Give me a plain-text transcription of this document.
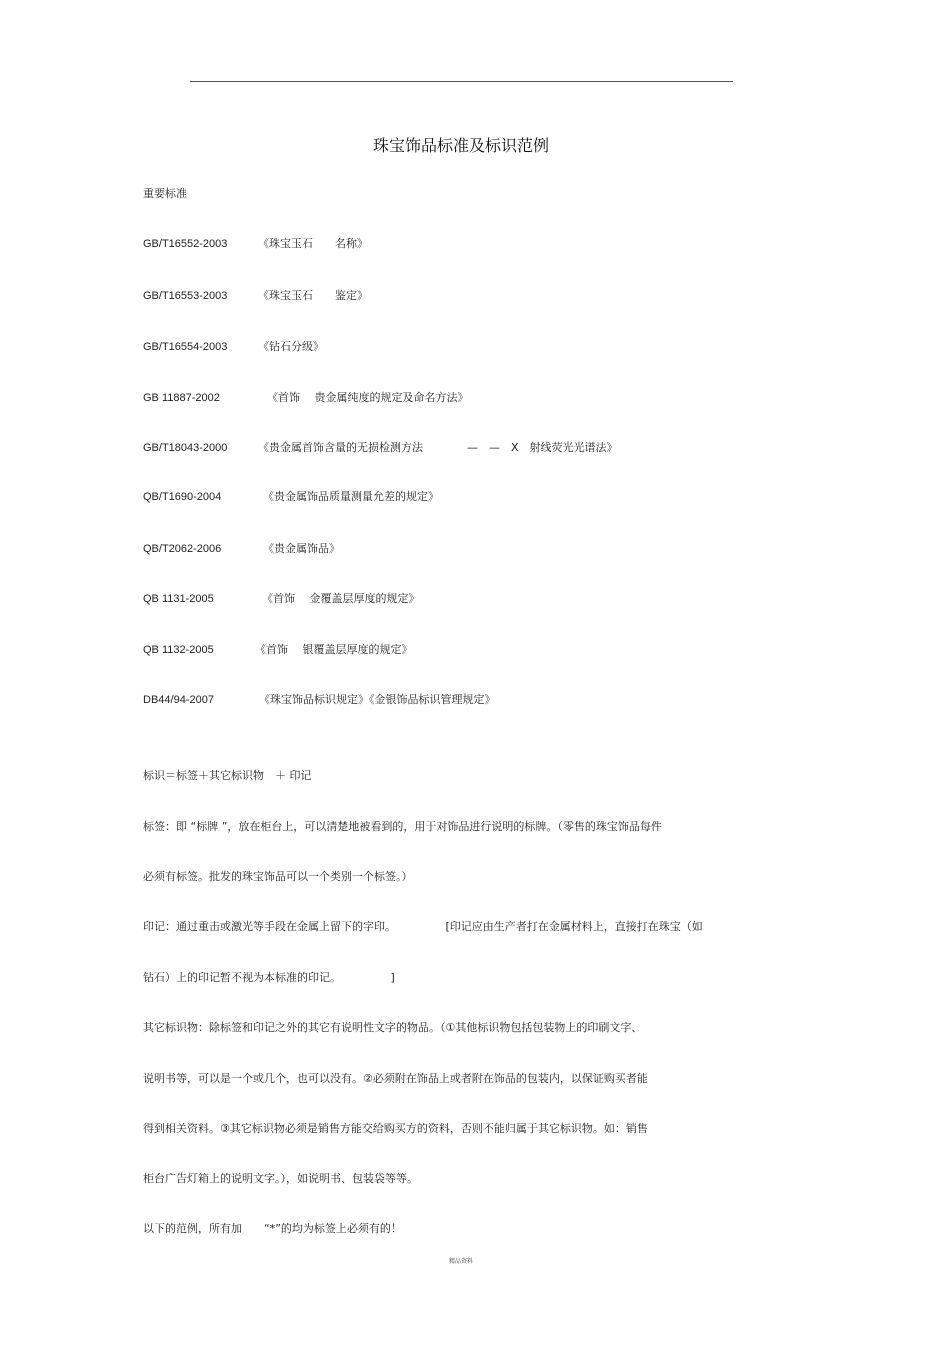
珠宝饰品标准及标识范例
重要标准
GB/T16552-2003	《珠宝玉石　　名称》
GB/T16553-2003	《珠宝玉石　　鉴定》
GB/T16554-2003	《钻石分级》
GB 11887-2002	《首饰　 贵金属纯度的规定及命名方法》
GB/T18043-2000	《贵金属首饰含量的无损检测方法　　　　—　—　X　射线荧光光谱法》
QB/T1690-2004	《贵金属饰品质量测量允差的规定》
QB/T2062-2006	《贵金属饰品》
QB 1131-2005	《首饰　 金覆盖层厚度的规定》
QB 1132-2005	《首饰　 银覆盖层厚度的规定》
DB44/94-2007	《珠宝饰品标识规定》《金银饰品标识管理规定》
标识＝标签＋其它标识物　＋ 印记
标签：即 “标牌 ”，放在柜台上，可以清楚地被看到的，用于对饰品进行说明的标牌。（零售的珠宝饰品每件
必须有标签。批发的珠宝饰品可以一个类别一个标签。）
印记：通过重击或激光等手段在金属上留下的字印。　　　　　[印记应由生产者打在金属材料上，直接打在珠宝（如
钻石）上的印记暂不视为本标准的印记。　　　　　]
其它标识物：除标签和印记之外的其它有说明性文字的物品。（①其他标识物包括包装物上的印刷文字、
说明书等，可以是一个或几个，也可以没有。②必须附在饰品上或者附在饰品的包装内，以保证购买者能
得到相关资料。③其它标识物必须是销售方能交给购买方的资料，否则不能归属于其它标识物。如：销售
柜台广告灯箱上的说明文字。），如说明书、包装袋等等。
以下的范例，所有加　　“*”的均为标签上必须有的！
精品资料
